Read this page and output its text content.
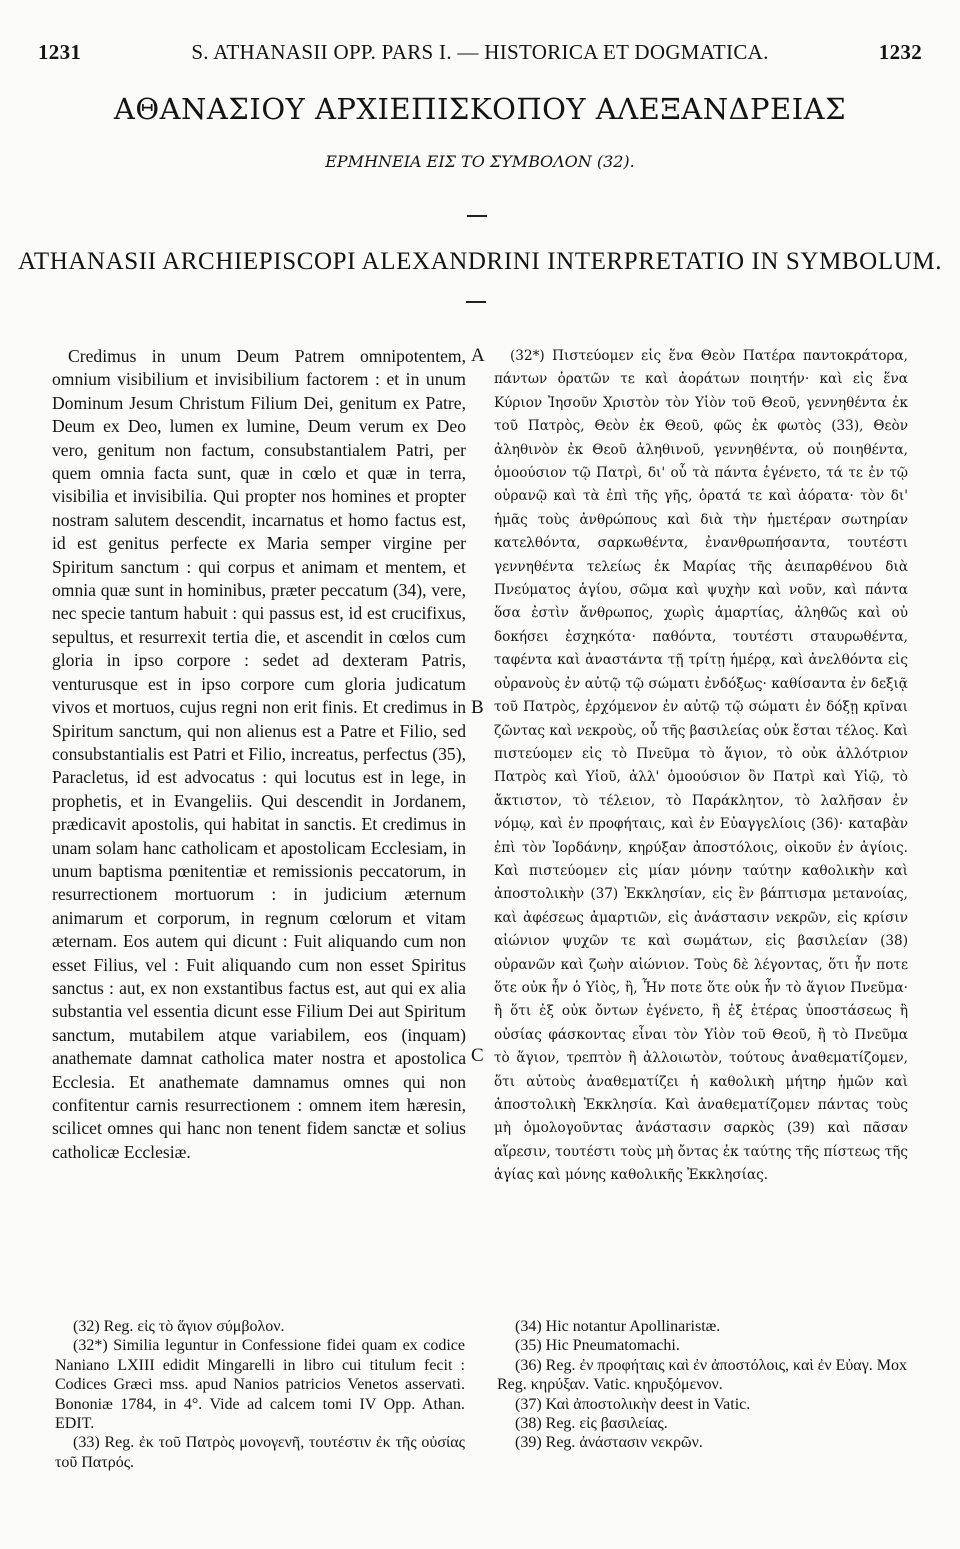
1231	S. ATHANASII OPP. PARS I. — HISTORICA ET DOGMATICA.	1232
ΑΘΑΝΑΣΙΟΥ ΑΡΧΙΕΠΙΣΚΟΠΟΥ ΑΛΕΞΑΝΔΡΕΙΑΣ
ΕΡΜΗΝΕΙΑ ΕΙΣ ΤΟ ΣΥΜΒΟΛΟΝ (32).
ATHANASII ARCHIEPISCOPI ALEXANDRINI INTERPRETATIO IN SYMBOLUM.

Credimus in unum Deum Patrem omnipotentem, omnium visibilium et invisibilium factorem : et in unum Dominum Jesum Christum Filium Dei, genitum ex Patre, Deum ex Deo, lumen ex lumine, Deum verum ex Deo vero, genitum non factum, consubstantialem Patri, per quem omnia facta sunt, quæ in cœlo et quæ in terra, visibilia et invisibilia. Qui propter nos homines et propter nostram salutem descendit, incarnatus et homo factus est, id est genitus perfecte ex Maria semper virgine per Spiritum sanctum : qui corpus et animam et mentem, et omnia quæ sunt in hominibus, præter peccatum (34), vere, nec specie tantum habuit : qui passus est, id est crucifixus, sepultus, et resurrexit tertia die, et ascendit in cœlos cum gloria in ipso corpore : sedet ad dexteram Patris, venturusque est in ipso corpore cum gloria judicatum vivos et mortuos, cujus regni non erit finis. Et credimus in Spiritum sanctum, qui non alienus est a Patre et Filio, sed consubstantialis est Patri et Filio, increatus, perfectus (35), Paracletus, id est advocatus : qui locutus est in lege, in prophetis, et in Evangeliis. Qui descendit in Jordanem, prædicavit apostolis, qui habitat in sanctis. Et credimus in unam solam hanc catholicam et apostolicam Ecclesiam, in unum baptisma pœnitentiæ et remissionis peccatorum, in resurrectionem mortuorum : in judicium æternum animarum et corporum, in regnum cœlorum et vitam æternam. Eos autem qui dicunt : Fuit aliquando cum non esset Filius, vel : Fuit aliquando cum non esset Spiritus sanctus : aut, ex non exstantibus factus est, aut qui ex alia substantia vel essentia dicunt esse Filium Dei aut Spiritum sanctum, mutabilem atque variabilem, eos (inquam) anathemate damnat catholica mater nostra et apostolica Ecclesia. Et anathemate damnamus omnes qui non confitentur carnis resurrectionem : omnem item hæresin, scilicet omnes qui hanc non tenent fidem sanctæ et solius catholicæ Ecclesiæ.

A
B
C

(32*) Πιστεύομεν εἰς ἕνα Θεὸν Πατέρα παντοκράτορα, πάντων ὁρατῶν τε καὶ ἀοράτων ποιητήν· καὶ εἰς ἕνα Κύριον Ἰησοῦν Χριστὸν τὸν Υἱὸν τοῦ Θεοῦ, γεννηθέντα ἐκ τοῦ Πατρὸς, Θεὸν ἐκ Θεοῦ, φῶς ἐκ φωτὸς (33), Θεὸν ἀληθινὸν ἐκ Θεοῦ ἀληθινοῦ, γεννηθέντα, οὐ ποιηθέντα, ὁμοούσιον τῷ Πατρὶ, δι' οὗ τὰ πάντα ἐγένετο, τά τε ἐν τῷ οὐρανῷ καὶ τὰ ἐπὶ τῆς γῆς, ὁρατά τε καὶ ἀόρατα· τὸν δι' ἡμᾶς τοὺς ἀνθρώπους καὶ διὰ τὴν ἡμετέραν σωτηρίαν κατελθόντα, σαρκωθέντα, ἐνανθρωπήσαντα, τουτέστι γεννηθέντα τελείως ἐκ Μαρίας τῆς ἀειπαρθένου διὰ Πνεύματος ἁγίου, σῶμα καὶ ψυχὴν καὶ νοῦν, καὶ πάντα ὅσα ἐστὶν ἄνθρωπος, χωρὶς ἁμαρτίας, ἀληθῶς καὶ οὐ δοκήσει ἐσχηκότα· παθόντα, τουτέστι σταυρωθέντα, ταφέντα καὶ ἀναστάντα τῇ τρίτῃ ἡμέρᾳ, καὶ ἀνελθόντα εἰς οὐρανοὺς ἐν αὐτῷ τῷ σώματι ἐνδόξως· καθίσαντα ἐν δεξιᾷ τοῦ Πατρὸς, ἐρχόμενον ἐν αὐτῷ τῷ σώματι ἐν δόξῃ κρῖναι ζῶντας καὶ νεκροὺς, οὗ τῆς βασιλείας οὐκ ἔσται τέλος. Καὶ πιστεύομεν εἰς τὸ Πνεῦμα τὸ ἅγιον, τὸ οὐκ ἀλλότριον Πατρὸς καὶ Υἱοῦ, ἀλλ' ὁμοούσιον ὂν Πατρὶ καὶ Υἱῷ, τὸ ἄκτιστον, τὸ τέλειον, τὸ Παράκλητον, τὸ λαλῆσαν ἐν νόμῳ, καὶ ἐν προφήταις, καὶ ἐν Εὐαγγελίοις (36)· καταβὰν ἐπὶ τὸν Ἰορδάνην, κηρύξαν ἀποστόλοις, οἰκοῦν ἐν ἁγίοις. Καὶ πιστεύομεν εἰς μίαν μόνην ταύτην καθολικὴν καὶ ἀποστολικὴν (37) Ἐκκλησίαν, εἰς ἓν βάπτισμα μετανοίας, καὶ ἀφέσεως ἁμαρτιῶν, εἰς ἀνάστασιν νεκρῶν, εἰς κρίσιν αἰώνιον ψυχῶν τε καὶ σωμάτων, εἰς βασιλείαν (38) οὐρανῶν καὶ ζωὴν αἰώνιον. Τοὺς δὲ λέγοντας, ὅτι ἦν ποτε ὅτε οὐκ ἦν ὁ Υἱὸς, ἢ, Ἦν ποτε ὅτε οὐκ ἦν τὸ ἅγιον Πνεῦμα· ἢ ὅτι ἐξ οὐκ ὄντων ἐγένετο, ἢ ἐξ ἑτέρας ὑποστάσεως ἢ οὐσίας φάσκοντας εἶναι τὸν Υἱὸν τοῦ Θεοῦ, ἢ τὸ Πνεῦμα τὸ ἅγιον, τρεπτὸν ἢ ἀλλοιωτὸν, τούτους ἀναθεματίζομεν, ὅτι αὐτοὺς ἀναθεματίζει ἡ καθολικὴ μήτηρ ἡμῶν καὶ ἀποστολικὴ Ἐκκλησία. Καὶ ἀναθεματίζομεν πάντας τοὺς μὴ ὁμολογοῦντας ἀνάστασιν σαρκὸς (39) καὶ πᾶσαν αἵρεσιν, τουτέστι τοὺς μὴ ὄντας ἐκ ταύτης τῆς πίστεως τῆς ἁγίας καὶ μόνης καθολικῆς Ἐκκλησίας.

(32) Reg. εἰς τὸ ἅγιον σύμβολον.
(32*) Similia leguntur in Confessione fidei quam ex codice Naniano LXIII edidit Mingarelli in libro cui titulum fecit : Codices Græci mss. apud Nanios patricios Venetos asservati. Bononiæ 1784, in 4°. Vide ad calcem tomi IV Opp. Athan. EDIT.
(33) Reg. ἐκ τοῦ Πατρὸς μονογενῆ, τουτέστιν ἐκ τῆς οὐσίας τοῦ Πατρός.
(34) Hic notantur Apollinaristæ.
(35) Hic Pneumatomachi.
(36) Reg. ἐν προφήταις καὶ ἐν ἀποστόλοις, καὶ ἐν Εὐαγ. Mox Reg. κηρύξαν. Vatic. κηρυξόμενον.
(37) Καὶ ἀποστολικὴν deest in Vatic.
(38) Reg. εἰς βασιλείας.
(39) Reg. ἀνάστασιν νεκρῶν.
